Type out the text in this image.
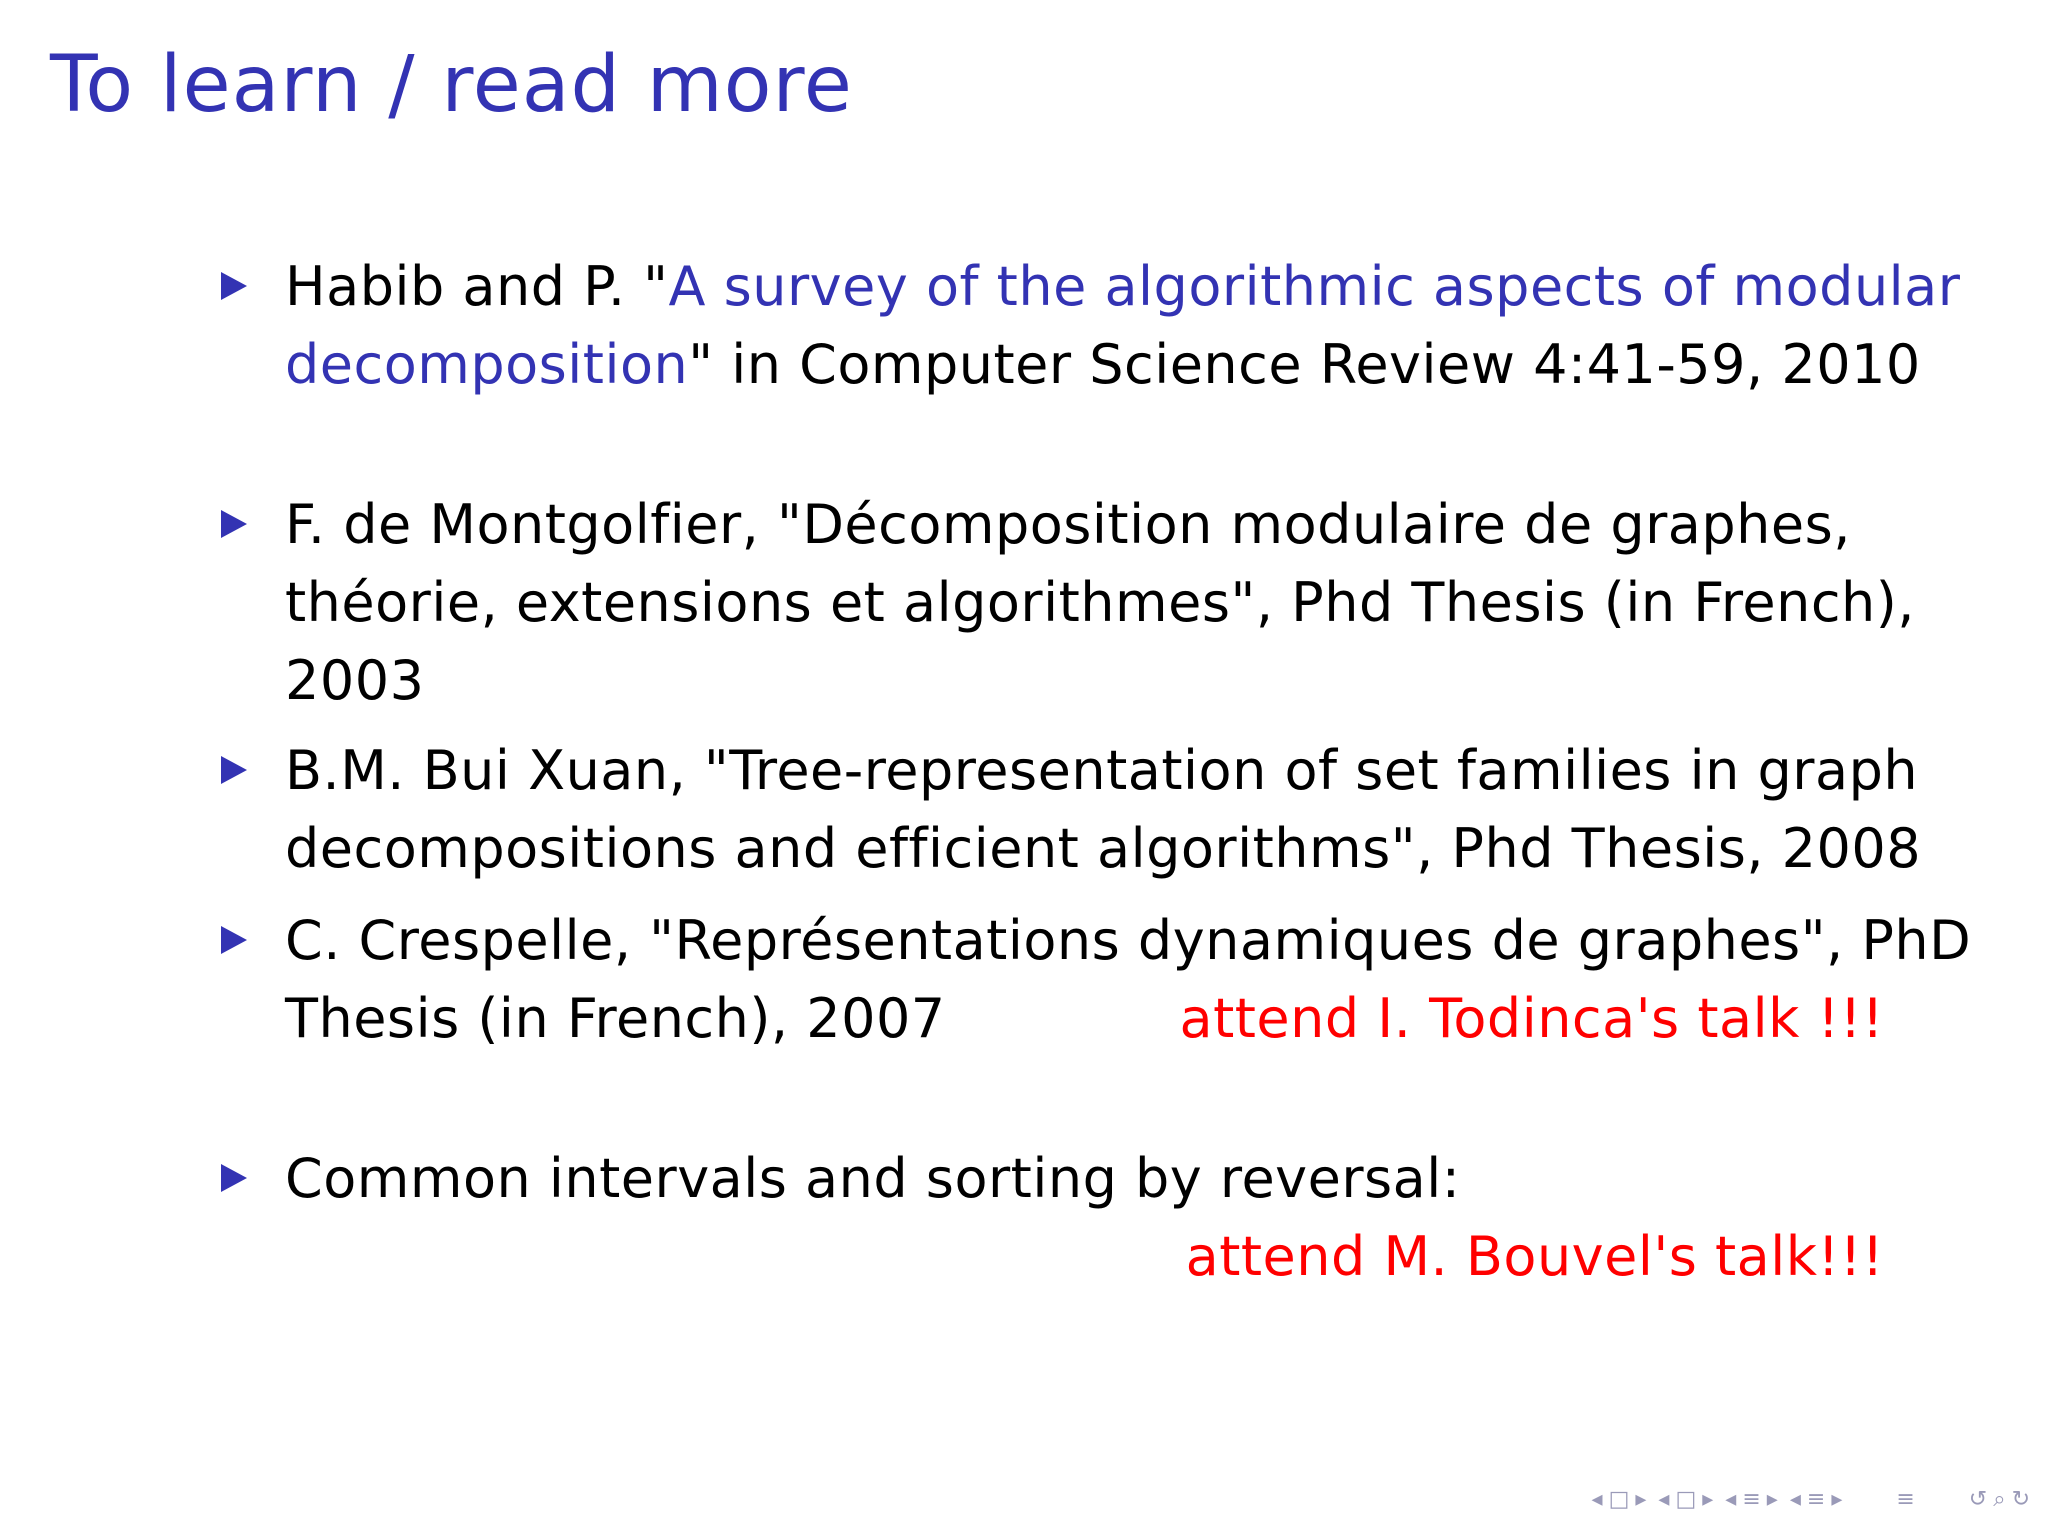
To learn / read more
Habib and P. "A survey of the algorithmic aspects of modular
decomposition" in Computer Science Review 4:41-59, 2010
F. de Montgolfier, "Décomposition modulaire de graphes,
théorie, extensions et algorithmes", Phd Thesis (in French),
2003
B.M. Bui Xuan, "Tree-representation of set families in graph
decompositions and efficient algorithms", Phd Thesis, 2008
C. Crespelle, "Représentations dynamiques de graphes", PhD
Thesis (in French), 2007	attend I. Todinca's talk !!!
Common intervals and sorting by reversal:
attend M. Bouvel's talk!!!
◂ □ ▸ ◂ □ ▸ ◂ ≡ ▸ ◂ ≡ ▸ ≡ ↺ ⌕ ↻
